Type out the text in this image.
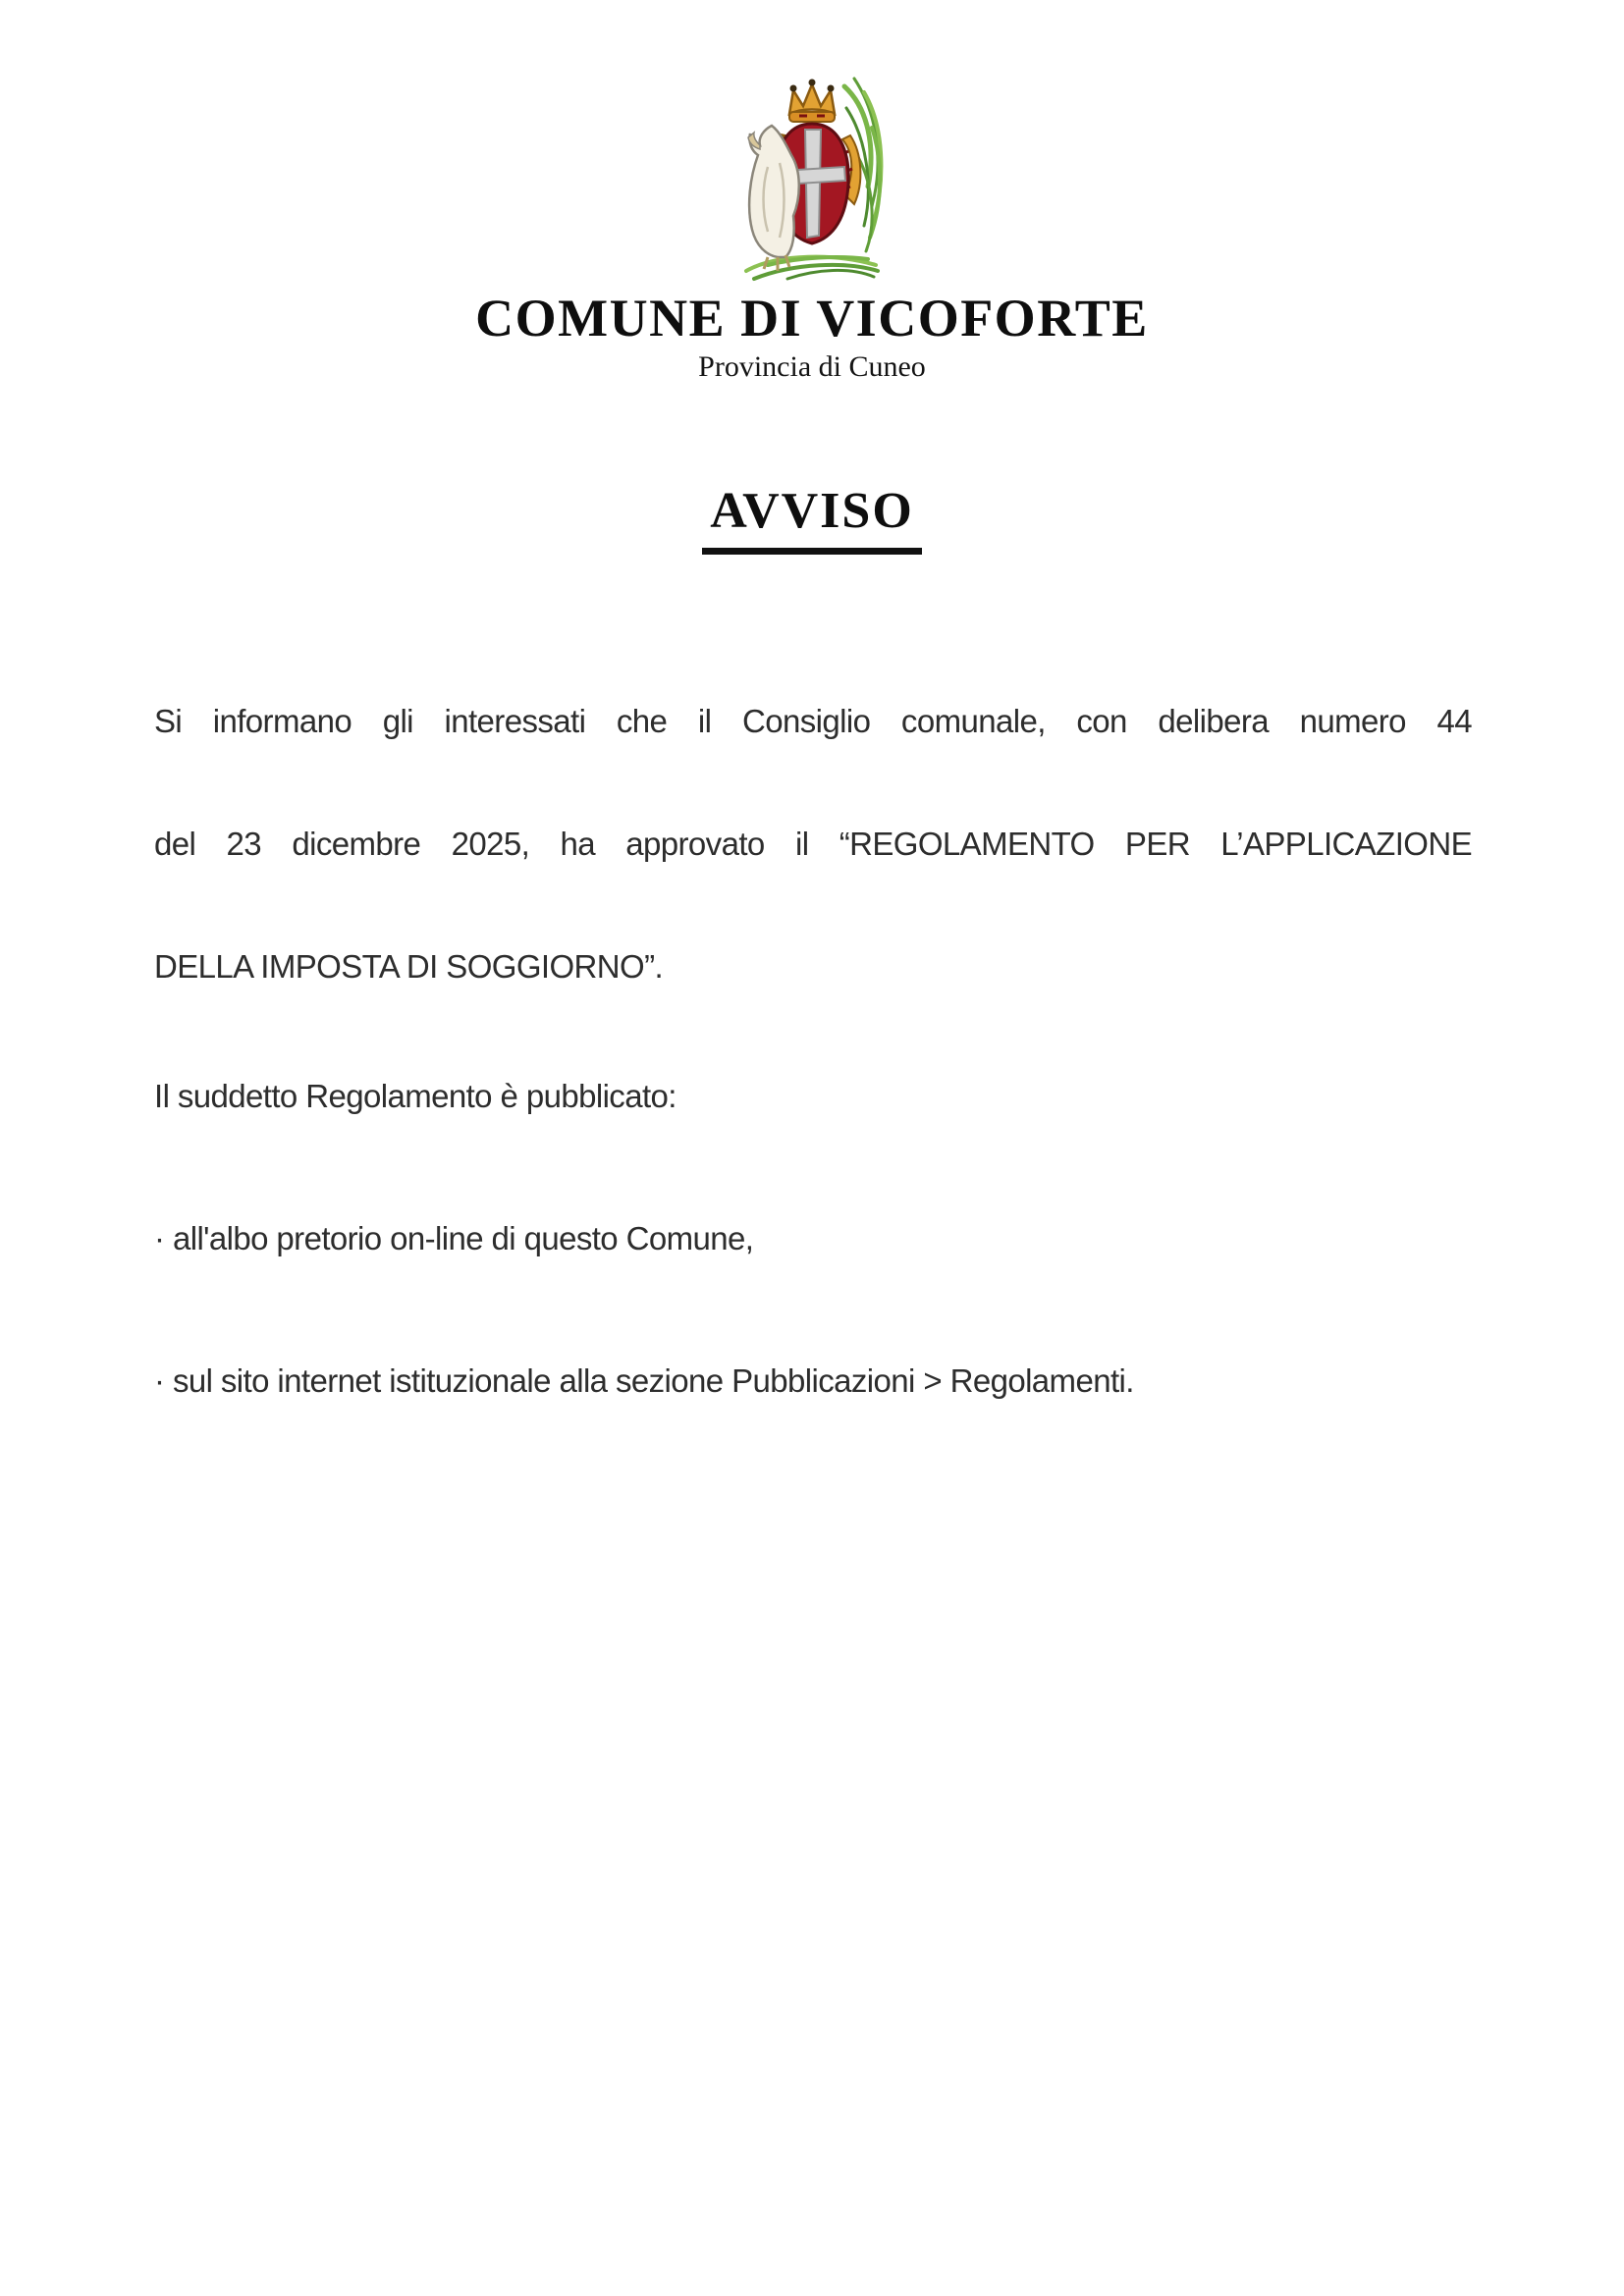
COMUNE DI VICOFORTE
Provincia di Cuneo
AVVISO
Si informano gli interessati che il Consiglio comunale, con delibera numero 44
del 23 dicembre 2025, ha approvato il “REGOLAMENTO PER L’APPLICAZIONE
DELLA IMPOSTA DI SOGGIORNO”.
Il suddetto Regolamento è pubblicato:
· all'albo pretorio on-line di questo Comune,
· sul sito internet istituzionale alla sezione Pubblicazioni > Regolamenti.
